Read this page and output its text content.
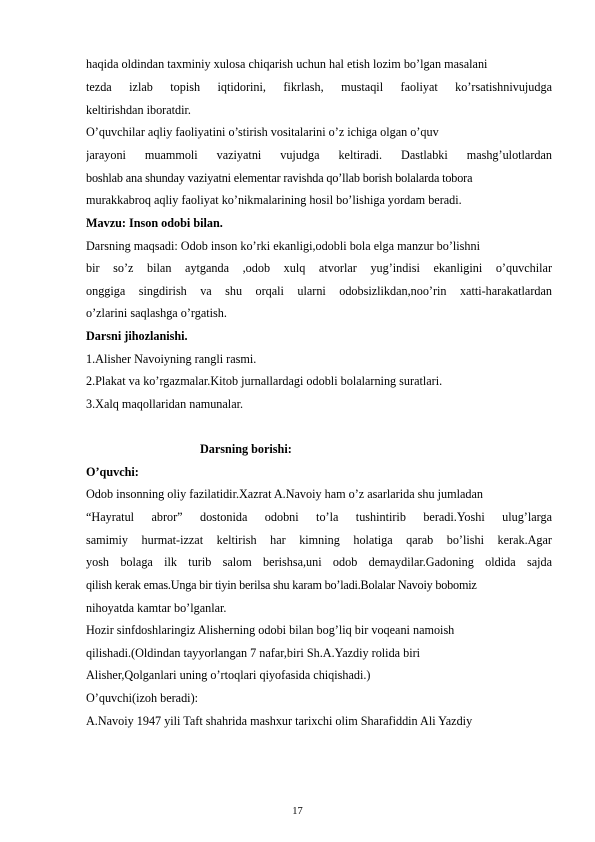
haqida oldindan taxminiy xulosa chiqarish uchun hal etish lozim bo’lgan masalani
tezda izlab topish iqtidorini, fikrlash, mustaqil faoliyat ko’rsatishnivujudga
keltirishdan iboratdir.
O’quvchilar aqliy faoliyatini o’stirish vositalarini o’z ichiga olgan o’quv
jarayoni muammoli vaziyatni vujudga keltiradi. Dastlabki mashg’ulotlardan
boshlab ana shunday vaziyatni elementar ravishda qo’llab borish bolalarda tobora
murakkabroq aqliy faoliyat ko’nikmalarining hosil bo’lishiga yordam beradi.
Mavzu: Inson odobi bilan.
Darsning maqsadi: Odob inson ko’rki ekanligi,odobli bola elga manzur bo’lishni
bir so’z bilan aytganda ,odob xulq atvorlar yug’indisi ekanligini o’quvchilar
onggiga singdirish va shu orqali ularni odobsizlikdan,noo’rin xatti-harakatlardan
o’zlarini saqlashga o’rgatish.
Darsni jihozlanishi.
1.Alisher Navoiyning rangli rasmi.
2.Plakat va ko’rgazmalar.Kitob jurnallardagi odobli bolalarning suratlari.
3.Xalq maqollaridan namunalar.
Darsning borishi:
O’quvchi:
Odob insonning oliy fazilatidir.Xazrat A.Navoiy ham o’z asarlarida shu jumladan
“Hayratul abror” dostonida odobni to’la tushintirib beradi.Yoshi ulug’larga
samimiy hurmat-izzat keltirish har kimning holatiga qarab bo’lishi kerak.Agar
yosh bolaga ilk turib salom berishsa,uni odob demaydilar.Gadoning oldida sajda
qilish kerak emas.Unga bir tiyin berilsa shu karam bo’ladi.Bolalar Navoiy bobomiz
nihoyatda kamtar bo’lganlar.
Hozir sinfdoshlaringiz Alisherning odobi bilan bog’liq bir voqeani namoish
qilishadi.(Oldindan tayyorlangan 7 nafar,biri Sh.A.Yazdiy rolida biri
Alisher,Qolganlari uning o’rtoqlari qiyofasida chiqishadi.)
O’quvchi(izoh beradi):
A.Navoiy 1947 yili Taft shahrida mashxur tarixchi olim Sharafiddin Ali Yazdiy
17
